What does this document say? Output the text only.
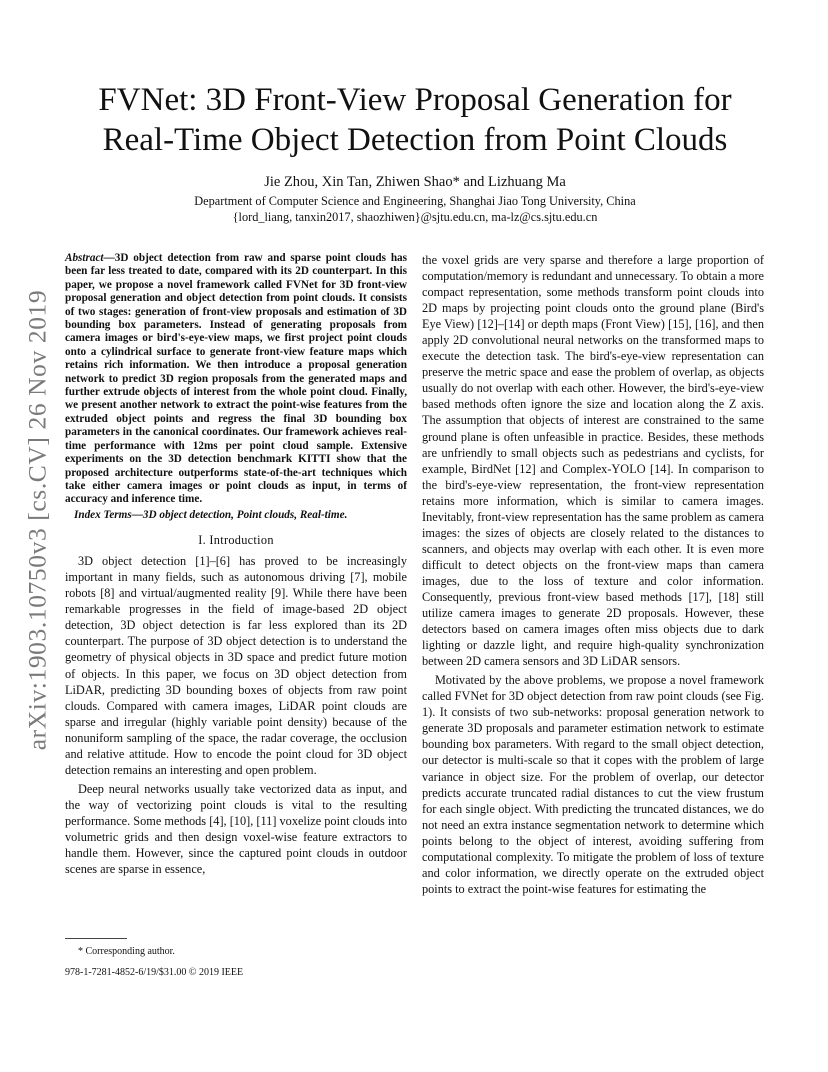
arXiv:1903.10750v3 [cs.CV] 26 Nov 2019
FVNet: 3D Front-View Proposal Generation for
Real-Time Object Detection from Point Clouds
Jie Zhou, Xin Tan, Zhiwen Shao* and Lizhuang Ma
Department of Computer Science and Engineering, Shanghai Jiao Tong University, China
{lord_liang, tanxin2017, shaozhiwen}@sjtu.edu.cn, ma-lz@cs.sjtu.edu.cn

Abstract—3D object detection from raw and sparse point clouds has been far less treated to date, compared with its 2D counterpart. In this paper, we propose a novel framework called FVNet for 3D front-view proposal generation and object detection from point clouds. It consists of two stages: generation of front-view proposals and estimation of 3D bounding box parameters. Instead of generating proposals from camera images or bird's-eye-view maps, we first project point clouds onto a cylindrical surface to generate front-view feature maps which retains rich information. We then introduce a proposal generation network to predict 3D region proposals from the generated maps and further extrude objects of interest from the whole point cloud. Finally, we present another network to extract the point-wise features from the extruded object points and regress the final 3D bounding box parameters in the canonical coordinates. Our framework achieves real-time performance with 12ms per point cloud sample. Extensive experiments on the 3D detection benchmark KITTI show that the proposed architecture outperforms state-of-the-art techniques which take either camera images or point clouds as input, in terms of accuracy and inference time.

Index Terms—3D object detection, Point clouds, Real-time.

I. Introduction

3D object detection [1]–[6] has proved to be increasingly important in many fields, such as autonomous driving [7], mobile robots [8] and virtual/augmented reality [9]. While there have been remarkable progresses in the field of image-based 2D object detection, 3D object detection is far less explored than its 2D counterpart. The purpose of 3D object detection is to understand the geometry of physical objects in 3D space and predict future motion of objects. In this paper, we focus on 3D object detection from LiDAR, predicting 3D bounding boxes of objects from raw point clouds. Compared with camera images, LiDAR point clouds are sparse and irregular (highly variable point density) because of the nonuniform sampling of the space, the radar coverage, the occlusion and relative attitude. How to encode the point cloud for 3D object detection remains an interesting and open problem.

Deep neural networks usually take vectorized data as input, and the way of vectorizing point clouds is vital to the resulting performance. Some methods [4], [10], [11] voxelize point clouds into volumetric grids and then design voxel-wise feature extractors to handle them. However, since the captured point clouds in outdoor scenes are sparse in essence,

the voxel grids are very sparse and therefore a large proportion of computation/memory is redundant and unnecessary. To obtain a more compact representation, some methods transform point clouds into 2D maps by projecting point clouds onto the ground plane (Bird's Eye View) [12]–[14] or depth maps (Front View) [15], [16], and then apply 2D convolutional neural networks on the transformed maps to execute the detection task. The bird's-eye-view representation can preserve the metric space and ease the problem of overlap, as objects usually do not overlap with each other. However, the bird's-eye-view based methods often ignore the size and location along the Z axis. The assumption that objects of interest are constrained to the same ground plane is often unfeasible in practice. Besides, these methods are unfriendly to small objects such as pedestrians and cyclists, for example, BirdNet [12] and Complex-YOLO [14]. In comparison to the bird's-eye-view representation, the front-view representation retains more information, which is similar to camera images. Inevitably, front-view representation has the same problem as camera images: the sizes of objects are closely related to the distances to scanners, and objects may overlap with each other. It is even more difficult to detect objects on the front-view maps than camera images, due to the loss of texture and color information. Consequently, previous front-view based methods [17], [18] still utilize camera images to generate 2D proposals. However, these detectors based on camera images often miss objects due to dark lighting or dazzle light, and require high-quality synchronization between 2D camera sensors and 3D LiDAR sensors.

Motivated by the above problems, we propose a novel framework called FVNet for 3D object detection from raw point clouds (see Fig. 1). It consists of two sub-networks: proposal generation network to generate 3D proposals and parameter estimation network to estimate bounding box parameters. With regard to the small object detection, our detector is multi-scale so that it copes with the problem of large variance in object size. For the problem of overlap, our detector predicts accurate truncated radial distances to cut the view frustum for each single object. With predicting the truncated distances, we do not need an extra instance segmentation network to determine which points belong to the object of interest, avoiding suffering from computational complexity. To mitigate the problem of loss of texture and color information, we directly operate on the extruded object points to extract the point-wise features for estimating the

* Corresponding author.
978-1-7281-4852-6/19/$31.00 © 2019 IEEE
